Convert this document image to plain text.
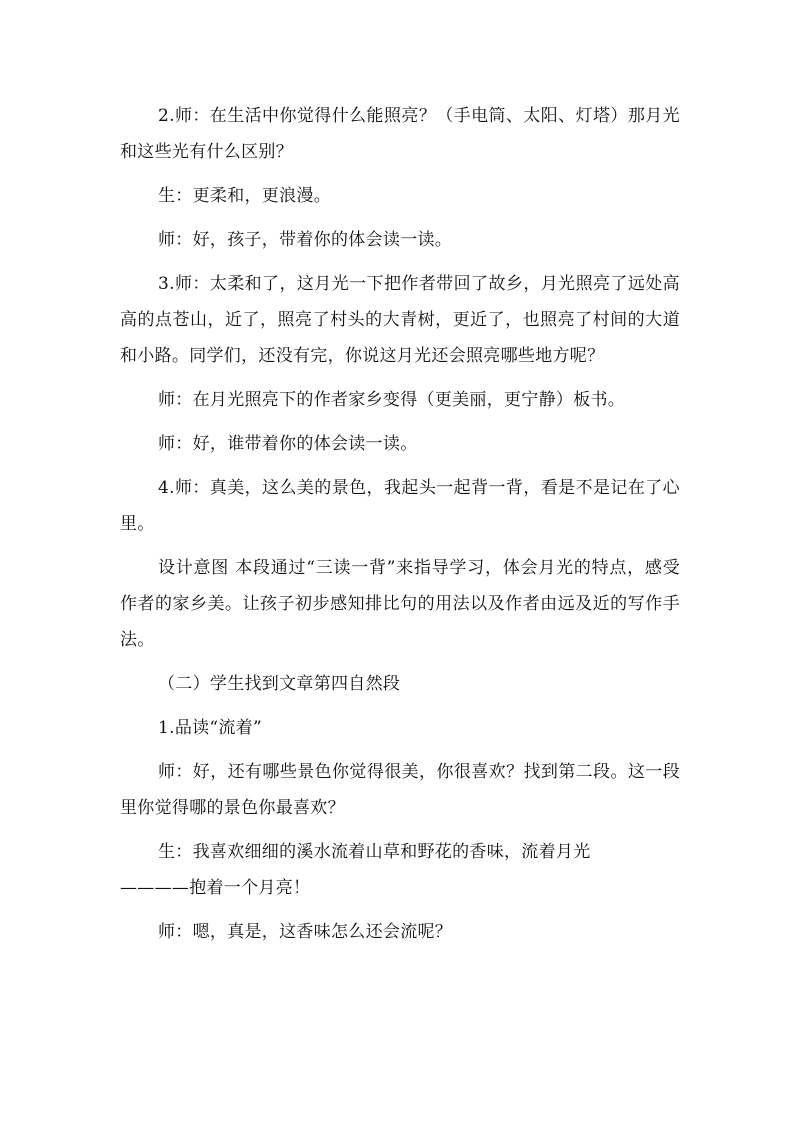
2.师：在生活中你觉得什么能照亮？（手电筒、太阳、灯塔）那月光和这些光有什么区别？

生：更柔和，更浪漫。

师：好，孩子，带着你的体会读一读。

3.师：太柔和了，这月光一下把作者带回了故乡，月光照亮了远处高高的点苍山，近了，照亮了村头的大青树，更近了，也照亮了村间的大道和小路。同学们，还没有完，你说这月光还会照亮哪些地方呢？

师：在月光照亮下的作者家乡变得（更美丽，更宁静）板书。

师：好，谁带着你的体会读一读。

4.师：真美，这么美的景色，我起头一起背一背，看是不是记在了心里。

设计意图 本段通过“三读一背”来指导学习，体会月光的特点，感受作者的家乡美。让孩子初步感知排比句的用法以及作者由远及近的写作手法。

（二）学生找到文章第四自然段

1.品读“流着”

师：好，还有哪些景色你觉得很美，你很喜欢？找到第二段。这一段里你觉得哪的景色你最喜欢？

生：我喜欢细细的溪水流着山草和野花的香味，流着月光

————抱着一个月亮！

师：嗯，真是，这香味怎么还会流呢？
